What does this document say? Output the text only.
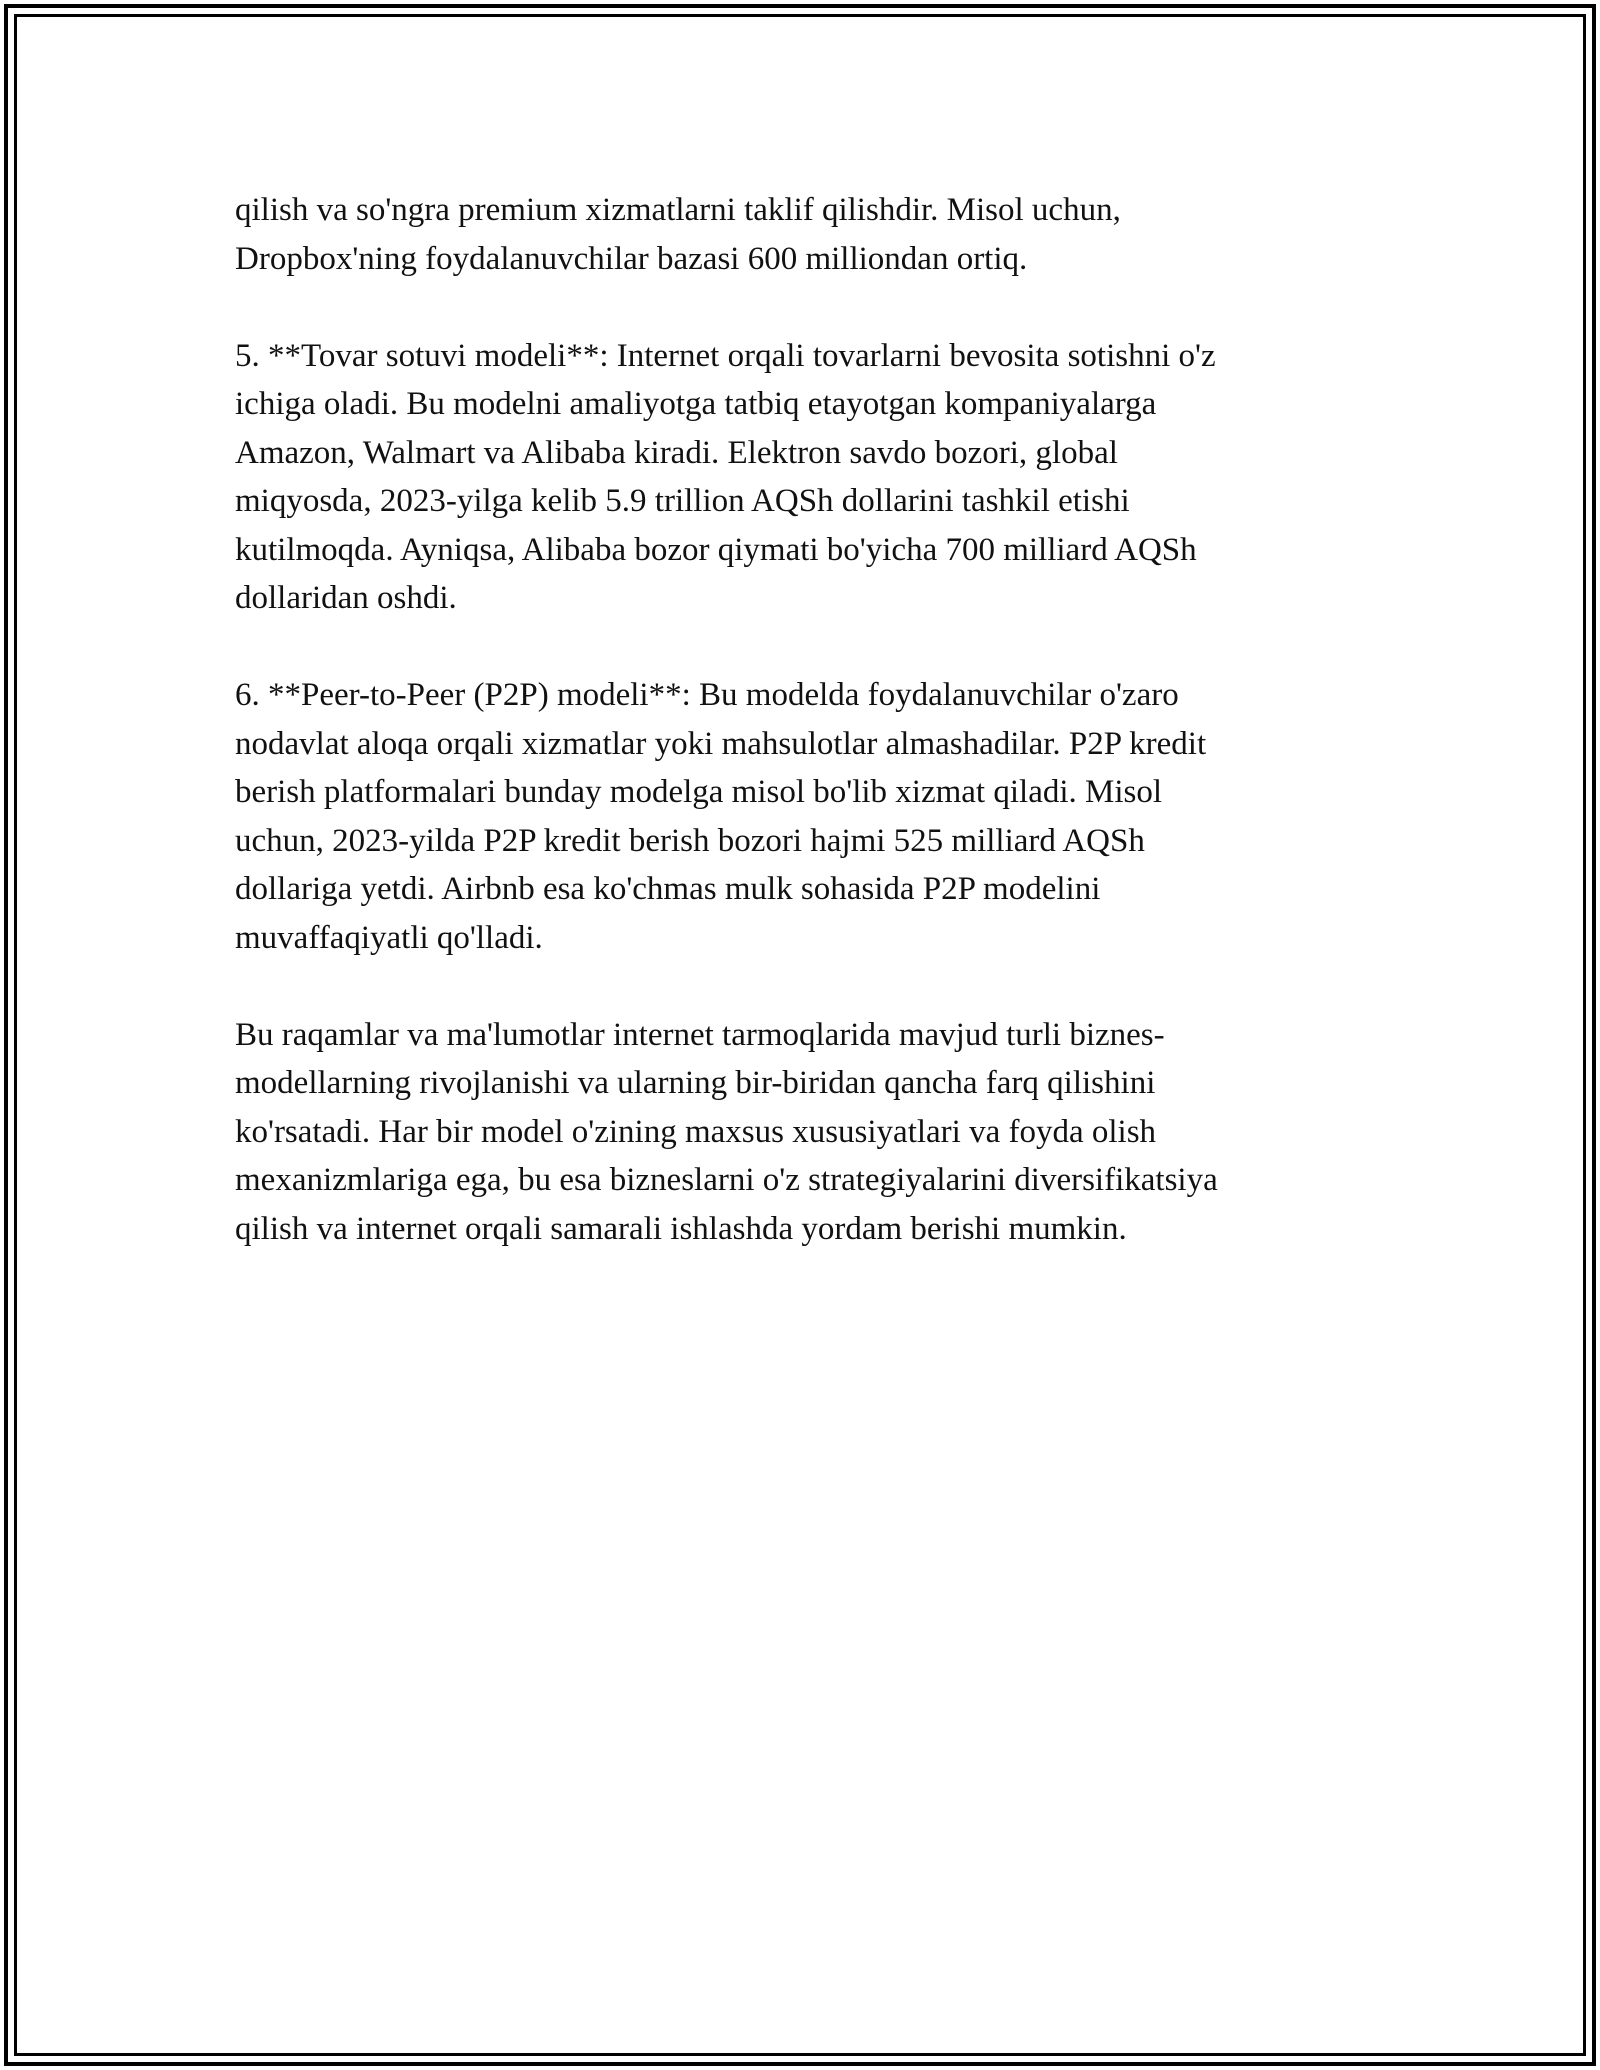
qilish va so'ngra premium xizmatlarni taklif qilishdir. Misol uchun,
Dropbox'ning foydalanuvchilar bazasi 600 milliondan ortiq.

5. **Tovar sotuvi modeli**: Internet orqali tovarlarni bevosita sotishni o'z
ichiga oladi. Bu modelni amaliyotga tatbiq etayotgan kompaniyalarga
Amazon, Walmart va Alibaba kiradi. Elektron savdo bozori, global
miqyosda, 2023-yilga kelib 5.9 trillion AQSh dollarini tashkil etishi
kutilmoqda. Ayniqsa, Alibaba bozor qiymati bo'yicha 700 milliard AQSh
dollaridan oshdi.

6. **Peer-to-Peer (P2P) modeli**: Bu modelda foydalanuvchilar o'zaro
nodavlat aloqa orqali xizmatlar yoki mahsulotlar almashadilar. P2P kredit
berish platformalari bunday modelga misol bo'lib xizmat qiladi. Misol
uchun, 2023-yilda P2P kredit berish bozori hajmi 525 milliard AQSh
dollariga yetdi. Airbnb esa ko'chmas mulk sohasida P2P modelini
muvaffaqiyatli qo'lladi.

Bu raqamlar va ma'lumotlar internet tarmoqlarida mavjud turli biznes-
modellarning rivojlanishi va ularning bir-biridan qancha farq qilishini
ko'rsatadi. Har bir model o'zining maxsus xususiyatlari va foyda olish
mexanizmlariga ega, bu esa bizneslarni o'z strategiyalarini diversifikatsiya
qilish va internet orqali samarali ishlashda yordam berishi mumkin.
